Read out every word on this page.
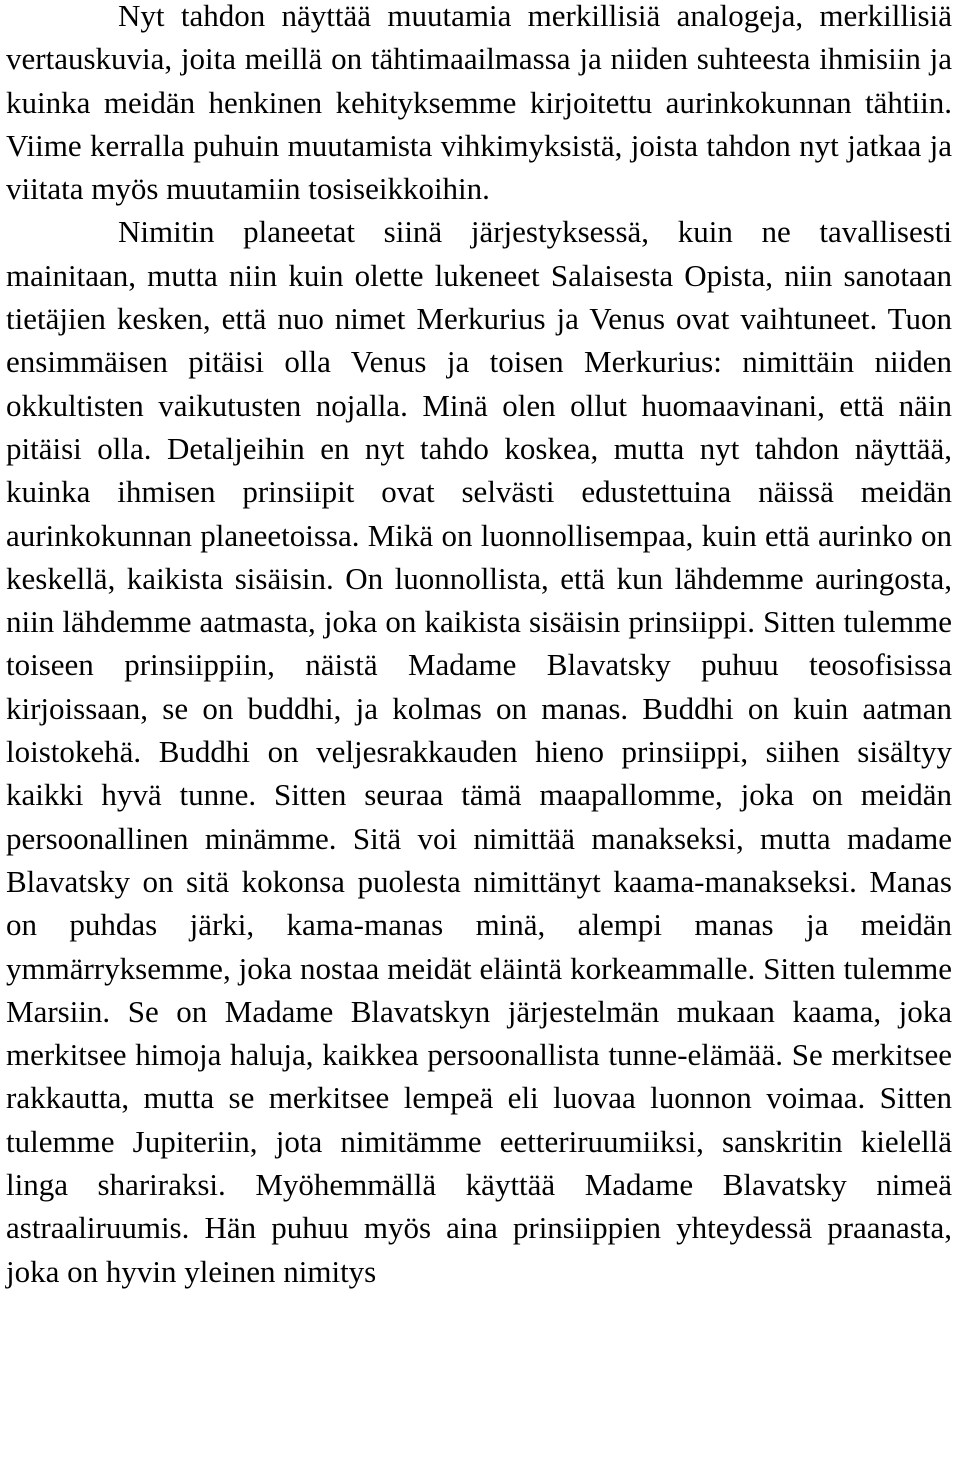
Nyt tahdon näyttää muutamia merkillisiä analogeja, merkillisiä vertauskuvia, joita meillä on tähtimaailmassa ja niiden suhteesta ihmisiin ja kuinka meidän henkinen kehityksemme kirjoitettu aurinkokunnan tähtiin. Viime kerralla puhuin muutamista vihkimyksistä, joista tahdon nyt jatkaa ja viitata myös muutamiin tosiseikkoihin.

Nimitin planeetat siinä järjestyksessä, kuin ne tavallisesti mainitaan, mutta niin kuin olette lukeneet Salaisesta Opista, niin sanotaan tietäjien kesken, että nuo nimet Merkurius ja Venus ovat vaihtuneet. Tuon ensimmäisen pitäisi olla Venus ja toisen Merkurius: nimittäin niiden okkultisten vaikutusten nojalla. Minä olen ollut huomaavinani, että näin pitäisi olla. Detaljeihin en nyt tahdo koskea, mutta nyt tahdon näyttää, kuinka ihmisen prinsiipit ovat selvästi edustettuina näissä meidän aurinkokunnan planeetoissa. Mikä on luonnollisempaa, kuin että aurinko on keskellä, kaikista sisäisin. On luonnollista, että kun lähdemme auringosta, niin lähdemme aatmasta, joka on kaikista sisäisin prinsiippi. Sitten tulemme toiseen prinsiippiin, näistä Madame Blavatsky puhuu teosofisissa kirjoissaan, se on buddhi, ja kolmas on manas. Buddhi on kuin aatman loistokehä. Buddhi on veljesrakkauden hieno prinsiippi, siihen sisältyy kaikki hyvä tunne. Sitten seuraa tämä maapallomme, joka on meidän persoonallinen minämme. Sitä voi nimittää manakseksi, mutta madame Blavatsky on sitä kokonsa puolesta nimittänyt kaama-manakseksi. Manas on puhdas järki, kama-manas minä, alempi manas ja meidän ymmärryksemme, joka nostaa meidät eläintä korkeammalle. Sitten tulemme Marsiin. Se on Madame Blavatskyn järjestelmän mukaan kaama, joka merkitsee himoja haluja, kaikkea persoonallista tunne-elämää. Se merkitsee rakkautta, mutta se merkitsee lempeä eli luovaa luonnon voimaa. Sitten tulemme Jupiteriin, jota nimitämme eetteriruumiiksi, sanskritin kielellä linga shariraksi. Myöhemmällä käyttää Madame Blavatsky nimeä astraaliruumis. Hän puhuu myös aina prinsiippien yhteydessä praanasta, joka on hyvin yleinen nimitys
